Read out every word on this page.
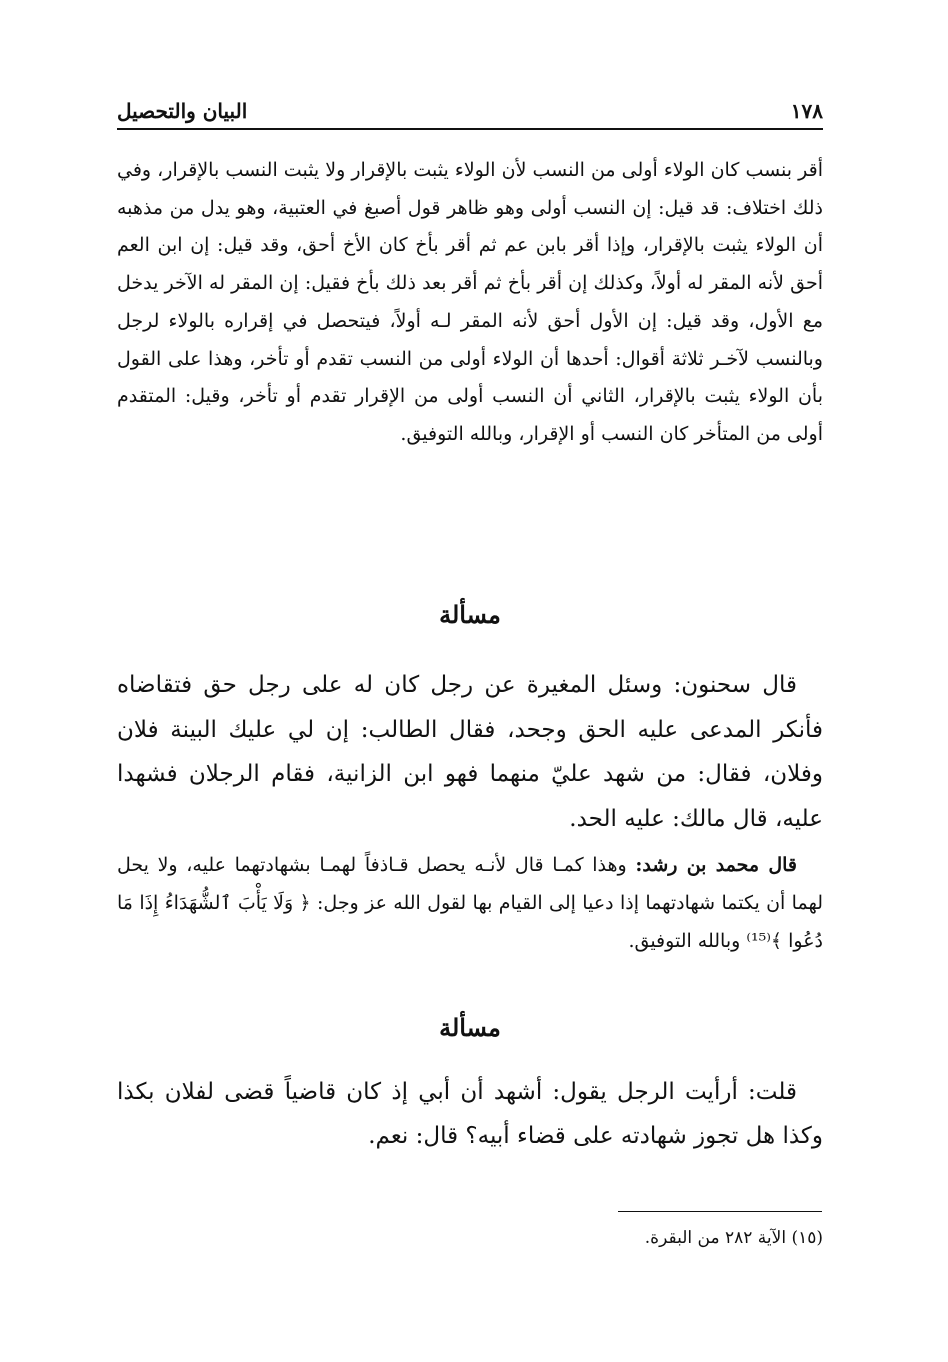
البيان والتحصيل	١٧٨

أقر بنسب كان الولاء أولى من النسب لأن الولاء يثبت بالإقرار ولا يثبت النسب بالإقرار، وفي ذلك اختلاف: قد قيل: إن النسب أولى وهو ظاهر قول أصبغ في العتبية، وهو يدل من مذهبه أن الولاء يثبت بالإقرار، وإذا أقر بابن عم ثم أقر بأخ كان الأخ أحق، وقد قيل: إن ابن العم أحق لأنه المقر له أولاً، وكذلك إن أقر بأخ ثم أقر بعد ذلك بأخ فقيل: إن المقر له الآخر يدخل مع الأول، وقد قيل: إن الأول أحق لأنه المقر لـه أولاً، فيتحصل في إقراره بالولاء لرجل وبالنسب لآخـر ثلاثة أقوال: أحدها أن الولاء أولى من النسب تقدم أو تأخر، وهذا على القول بأن الولاء يثبت بالإقرار، الثاني أن النسب أولى من الإقرار تقدم أو تأخر، وقيل: المتقدم أولى من المتأخر كان النسب أو الإقرار، وبالله التوفيق.

مسألة

قال سحنون: وسئل المغيرة عن رجل كان له على رجل حق فتقاضاه فأنكر المدعى عليه الحق وجحد، فقال الطالب: إن لي عليك البينة فلان وفلان، فقال: من شهد عليّ منهما فهو ابن الزانية، فقام الرجلان فشهدا عليه، قال مالك: عليه الحد.

قال محمد بن رشد: وهذا كمـا قال لأنـه يحصل قـاذفاً لهمـا بشهادتهما عليه، ولا يحل لهما أن يكتما شهادتهما إذا دعيا إلى القيام بها لقول الله عز وجل: ﴿ وَلَا يَأْبَ ٱلشُّهَدَاءُ إِذَا مَا دُعُوا ﴾⁽¹⁵⁾ وبالله التوفيق.

مسألة

قلت: أرأيت الرجل يقول: أشهد أن أبي إذ كان قاضياً قضى لفلان بكذا وكذا هل تجوز شهادته على قضاء أبيه؟ قال: نعم.

(١٥) الآية ٢٨٢ من البقرة.
